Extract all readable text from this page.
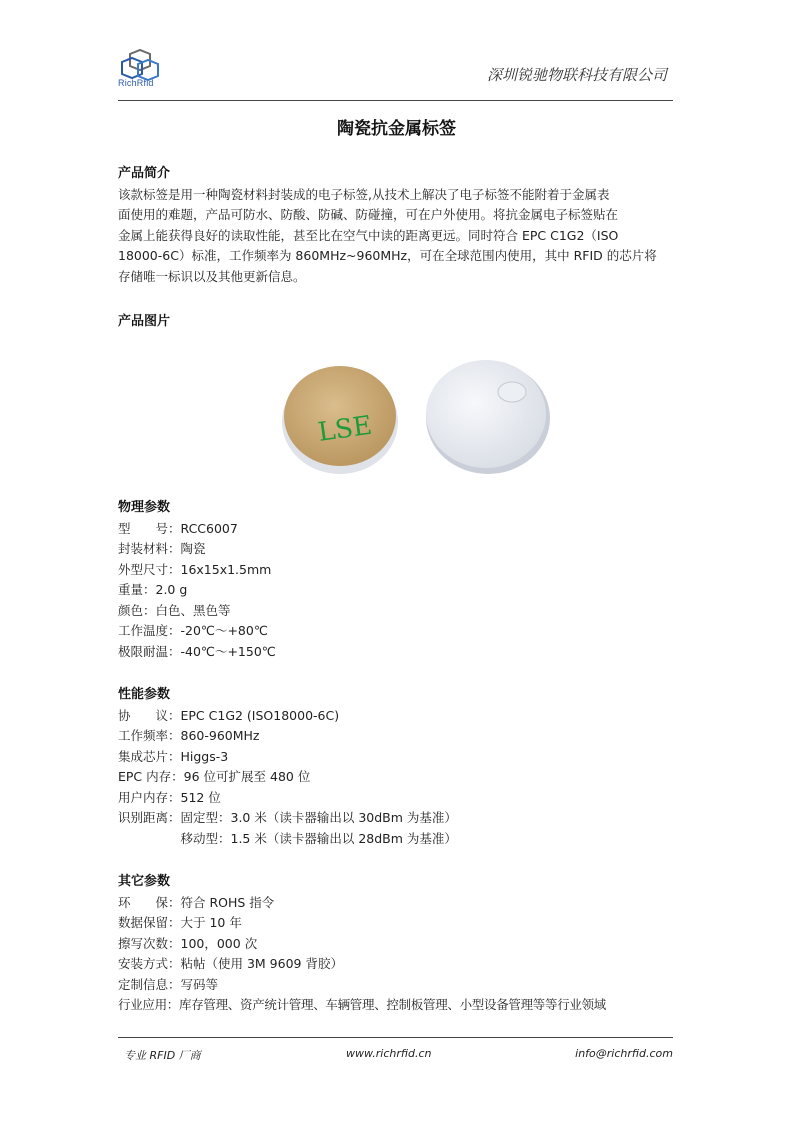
RichRfid	深圳锐驰物联科技有限公司
陶瓷抗金属标签
产品简介

该款标签是用一种陶瓷材料封装成的电子标签,从技术上解决了电子标签不能附着于金属表

面使用的难题，产品可防水、防酸、防碱、防碰撞，可在户外使用。将抗金属电子标签贴在

金属上能获得良好的读取性能，甚至比在空气中读的距离更远。同时符合 EPC C1G2（ISO

18000-6C）标准，工作频率为 860MHz~960MHz，可在全球范围内使用，其中 RFID 的芯片将

存储唯一标识以及其他更新信息。

产品图片
LSE
物理参数
型　　号：RCC6007
封装材料：陶瓷
外型尺寸：16x15x1.5mm
重量：2.0 g
颜色：白色、黑色等
工作温度：-20℃～+80℃
极限耐温：-40℃～+150℃
性能参数
协　　议：EPC C1G2 (ISO18000-6C)
工作频率：860-960MHz
集成芯片：Higgs-3
EPC 内存：96 位可扩展至 480 位
用户内存：512 位
识别距离：固定型：3.0 米（读卡器输出以 30dBm 为基准）
　　　　　移动型：1.5 米（读卡器输出以 28dBm 为基准）
其它参数
环　　保：符合 ROHS 指令
数据保留：大于 10 年
擦写次数：100，000 次
安装方式：粘帖（使用 3M 9609 背胶）
定制信息：写码等
行业应用：库存管理、资产统计管理、车辆管理、控制板管理、小型设备管理等等行业领域
专业 RFID 厂商	www.richrfid.cn	info@richrfid.com
